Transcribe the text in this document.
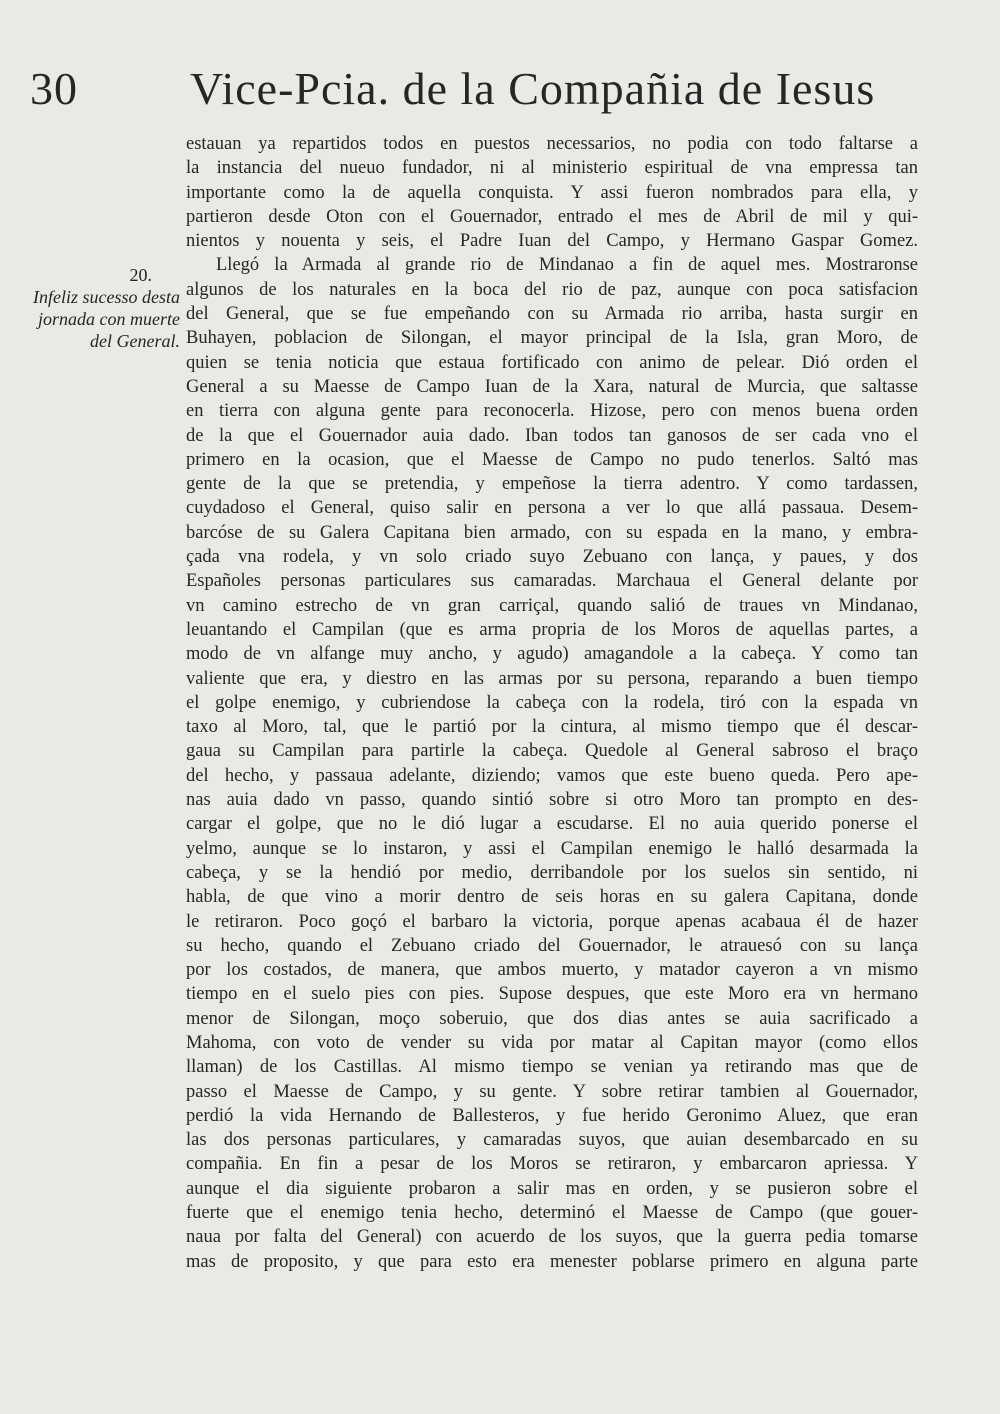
30 Vice-Pcia. de la Compañia de Iesus
20.
Infeliz sucesso desta jornada con muerte del General.
estauan ya repartidos todos en puestos necessarios, no podia con todo faltarse a
la instancia del nueuo fundador, ni al ministerio espiritual de vna empressa tan
importante como la de aquella conquista. Y assi fueron nombrados para ella, y
partieron desde Oton con el Gouernador, entrado el mes de Abril de mil y qui-
nientos y nouenta y seis, el Padre Iuan del Campo, y Hermano Gaspar Gomez.
Llegó la Armada al grande rio de Mindanao a fin de aquel mes. Mostraronse
algunos de los naturales en la boca del rio de paz, aunque con poca satisfacion
del General, que se fue empeñando con su Armada rio arriba, hasta surgir en
Buhayen, poblacion de Silongan, el mayor principal de la Isla, gran Moro, de
quien se tenia noticia que estaua fortificado con animo de pelear. Dió orden el
General a su Maesse de Campo Iuan de la Xara, natural de Murcia, que saltasse
en tierra con alguna gente para reconocerla. Hizose, pero con menos buena orden
de la que el Gouernador auia dado. Iban todos tan ganosos de ser cada vno el
primero en la ocasion, que el Maesse de Campo no pudo tenerlos. Saltó mas
gente de la que se pretendia, y empeñose la tierra adentro. Y como tardassen,
cuydadoso el General, quiso salir en persona a ver lo que allá passaua. Desem-
barcóse de su Galera Capitana bien armado, con su espada en la mano, y embra-
çada vna rodela, y vn solo criado suyo Zebuano con lança, y paues, y dos
Españoles personas particulares sus camaradas. Marchaua el General delante por
vn camino estrecho de vn gran carriçal, quando salió de traues vn Mindanao,
leuantando el Campilan (que es arma propria de los Moros de aquellas partes, a
modo de vn alfange muy ancho, y agudo) amagandole a la cabeça. Y como tan
valiente que era, y diestro en las armas por su persona, reparando a buen tiempo
el golpe enemigo, y cubriendose la cabeça con la rodela, tiró con la espada vn
taxo al Moro, tal, que le partió por la cintura, al mismo tiempo que él descar-
gaua su Campilan para partirle la cabeça. Quedole al General sabroso el braço
del hecho, y passaua adelante, diziendo; vamos que este bueno queda. Pero ape-
nas auia dado vn passo, quando sintió sobre si otro Moro tan prompto en des-
cargar el golpe, que no le dió lugar a escudarse. El no auia querido ponerse el
yelmo, aunque se lo instaron, y assi el Campilan enemigo le halló desarmada la
cabeça, y se la hendió por medio, derribandole por los suelos sin sentido, ni
habla, de que vino a morir dentro de seis horas en su galera Capitana, donde
le retiraron. Poco goçó el barbaro la victoria, porque apenas acabaua él de hazer
su hecho, quando el Zebuano criado del Gouernador, le atrauesó con su lança
por los costados, de manera, que ambos muerto, y matador cayeron a vn mismo
tiempo en el suelo pies con pies. Supose despues, que este Moro era vn hermano
menor de Silongan, moço soberuio, que dos dias antes se auia sacrificado a
Mahoma, con voto de vender su vida por matar al Capitan mayor (como ellos
llaman) de los Castillas. Al mismo tiempo se venian ya retirando mas que de
passo el Maesse de Campo, y su gente. Y sobre retirar tambien al Gouernador,
perdió la vida Hernando de Ballesteros, y fue herido Geronimo Aluez, que eran
las dos personas particulares, y camaradas suyos, que auian desembarcado en su
compañia. En fin a pesar de los Moros se retiraron, y embarcaron apriessa. Y
aunque el dia siguiente probaron a salir mas en orden, y se pusieron sobre el
fuerte que el enemigo tenia hecho, determinó el Maesse de Campo (que gouer-
naua por falta del General) con acuerdo de los suyos, que la guerra pedia tomarse
mas de proposito, y que para esto era menester poblarse primero en alguna parte
